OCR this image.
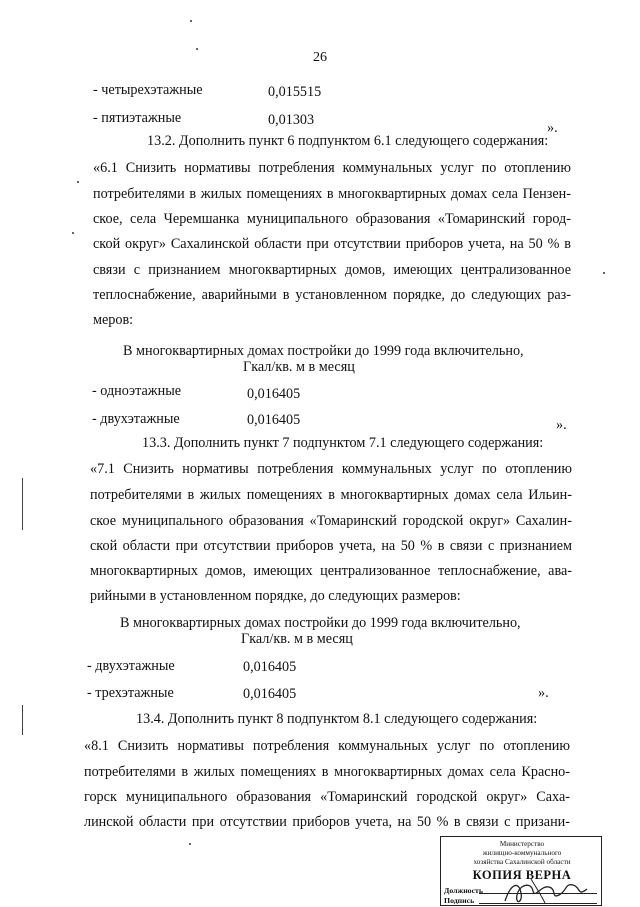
26
- четырехэтажные	0,015515
- пятиэтажные	0,01303	».
13.2. Дополнить пункт 6 подпунктом 6.1 следующего содержания:
«6.1 Снизить нормативы потребления коммунальных услуг по отоплению
потребителями в жилых помещениях в многоквартирных домах села Пензен-
ское, села Черемшанка муниципального образования «Томаринский город-
ской округ» Сахалинской области при отсутствии приборов учета, на 50 % в
связи с признанием многоквартирных домов, имеющих централизованное
теплоснабжение, аварийными в установленном порядке, до следующих раз-
меров:
В многоквартирных домах постройки до 1999 года включительно,
Гкал/кв. м в месяц
- одноэтажные	0,016405
- двухэтажные	0,016405	».
13.3. Дополнить пункт 7 подпунктом 7.1 следующего содержания:
«7.1 Снизить нормативы потребления коммунальных услуг по отоплению
потребителями в жилых помещениях в многоквартирных домах села Ильин-
ское муниципального образования «Томаринский городской округ» Сахалин-
ской области при отсутствии приборов учета, на 50 % в связи с признанием
многоквартирных домов, имеющих централизованное теплоснабжение, ава-
рийными в установленном порядке, до следующих размеров:
В многоквартирных домах постройки до 1999 года включительно,
Гкал/кв. м в месяц
- двухэтажные	0,016405
- трехэтажные	0,016405	».
13.4. Дополнить пункт 8 подпунктом 8.1 следующего содержания:
«8.1 Снизить нормативы потребления коммунальных услуг по отоплению
потребителями в жилых помещениях в многоквартирных домах села Красно-
горск муниципального образования «Томаринский городской округ» Саха-
линской области при отсутствии приборов учета, на 50 % в связи с призани-
Министерство
жилищно-коммунального
хозяйства Сахалинской области
КОПИЯ ВЕРНА
Должность
Подпись
